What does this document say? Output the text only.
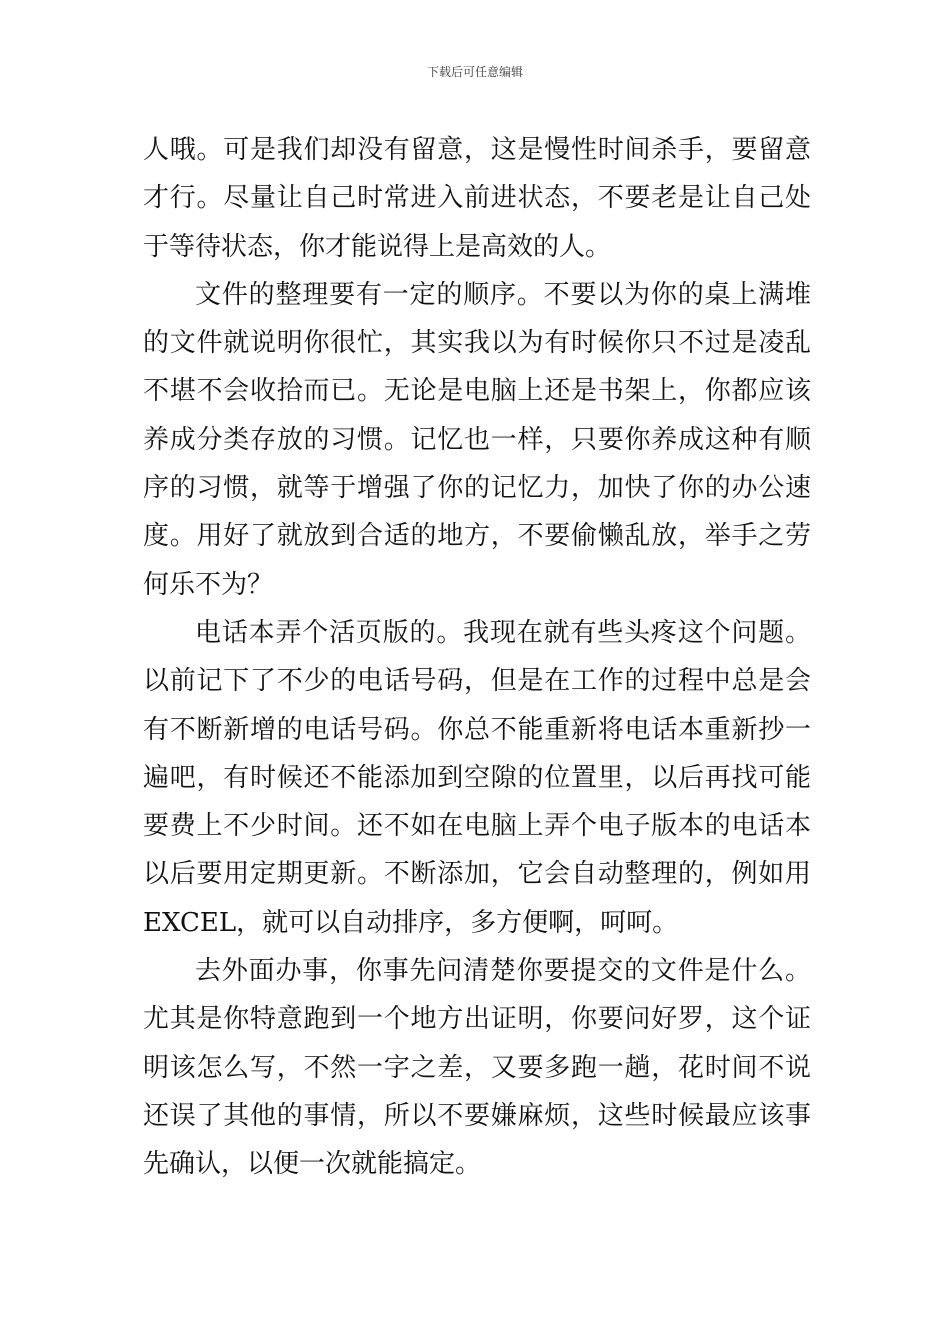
下载后可任意编辑

人哦。可是我们却没有留意，这是慢性时间杀手，要留意才行。尽量让自己时常进入前进状态，不要老是让自己处于等待状态，你才能说得上是高效的人。

文件的整理要有一定的顺序。不要以为你的桌上满堆的文件就说明你很忙，其实我以为有时候你只不过是凌乱不堪不会收拾而已。无论是电脑上还是书架上，你都应该养成分类存放的习惯。记忆也一样，只要你养成这种有顺序的习惯，就等于增强了你的记忆力，加快了你的办公速度。用好了就放到合适的地方，不要偷懒乱放，举手之劳何乐不为？

电话本弄个活页版的。我现在就有些头疼这个问题。以前记下了不少的电话号码，但是在工作的过程中总是会有不断新增的电话号码。你总不能重新将电话本重新抄一遍吧，有时候还不能添加到空隙的位置里，以后再找可能要费上不少时间。还不如在电脑上弄个电子版本的电话本以后要用定期更新。不断添加，它会自动整理的，例如用EXCEL，就可以自动排序，多方便啊，呵呵。

去外面办事，你事先问清楚你要提交的文件是什么。尤其是你特意跑到一个地方出证明，你要问好罗，这个证明该怎么写，不然一字之差，又要多跑一趟，花时间不说还误了其他的事情，所以不要嫌麻烦，这些时候最应该事先确认，以便一次就能搞定。
